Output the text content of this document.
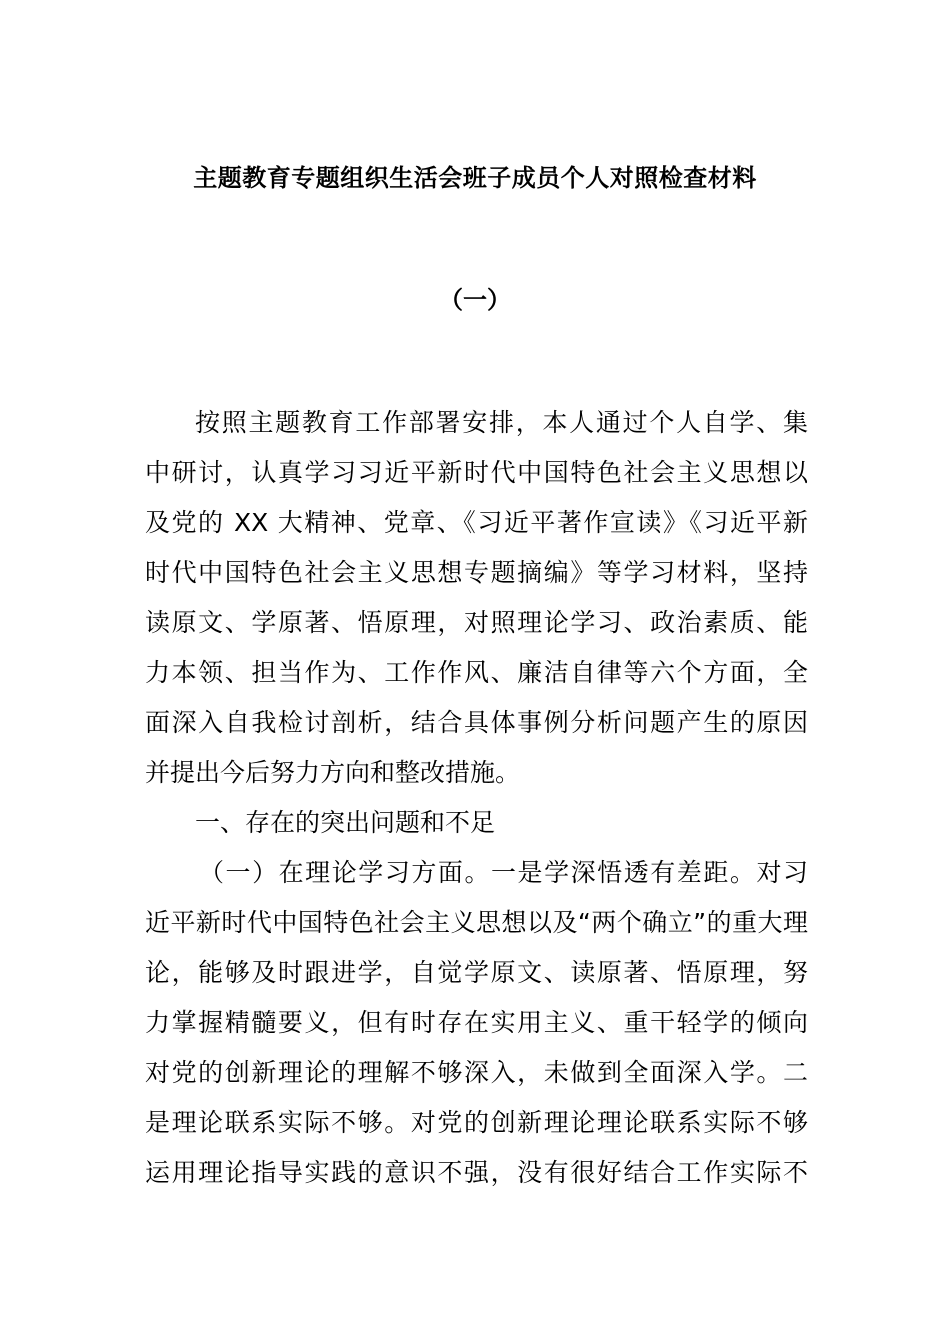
主题教育专题组织生活会班子成员个人对照检查材料
（一）
按照主题教育工作部署安排，本人通过个人自学、集
中研讨，认真学习习近平新时代中国特色社会主义思想以
及党的 XX 大精神、党章、《习近平著作宣读》《习近平新
时代中国特色社会主义思想专题摘编》等学习材料，坚持
读原文、学原著、悟原理，对照理论学习、政治素质、能
力本领、担当作为、工作作风、廉洁自律等六个方面，全
面深入自我检讨剖析，结合具体事例分析问题产生的原因
并提出今后努力方向和整改措施。
一、存在的突出问题和不足
（一）在理论学习方面。一是学深悟透有差距。对习
近平新时代中国特色社会主义思想以及“两个确立”的重大理
论，能够及时跟进学，自觉学原文、读原著、悟原理，努
力掌握精髓要义，但有时存在实用主义、重干轻学的倾向
对党的创新理论的理解不够深入，未做到全面深入学。二
是理论联系实际不够。对党的创新理论理论联系实际不够
运用理论指导实践的意识不强，没有很好结合工作实际不
